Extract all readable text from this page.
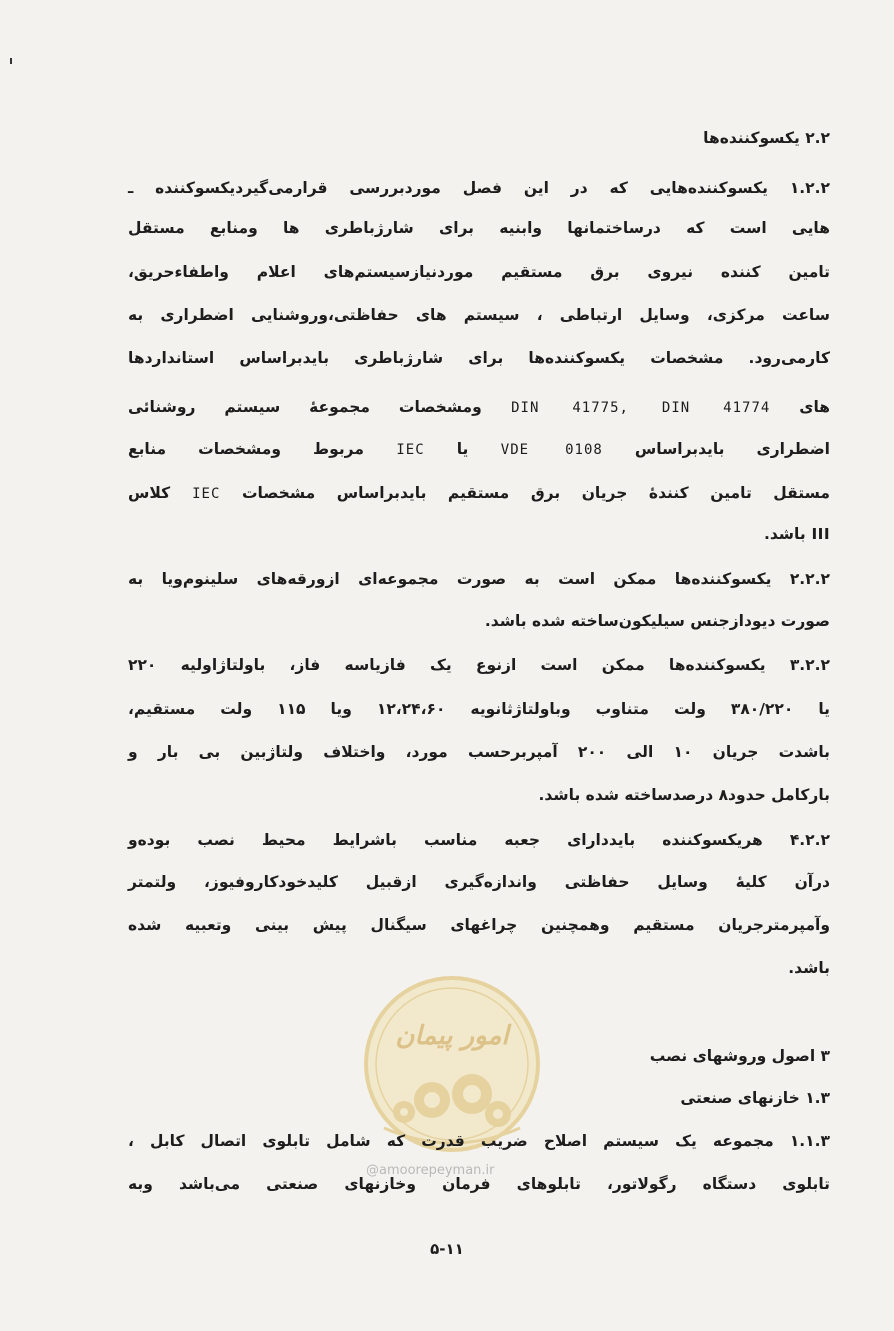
۲.۲ یکسوکننده‌ها
۱.۲.۲ یکسوکننده‌هایی که در این فصل موردبررسی قرارمی‌گیردیکسوکننده ـ
هایی است که درساختمانها وابنیه برای شارژباطری ها ومنابع مستقل
تامین کننده نیروی برق مستقیم موردنیازسیستم‌های اعلام واطفاءحریق،
ساعت مرکزی، وسایل ارتباطی ، سیستم های حفاظتی،وروشنایی اضطراری به
کارمی‌رود. مشخصات یکسوکننده‌ها برای شارژباطری بایدبراساس استانداردها
های DIN 41775, DIN 41774 ومشخصات مجموعهٔ سیستم روشنائی
اضطراری بایدبراساس VDE 0108 یا IEC مربوط ومشخصات منابع
مستقل تامین کنندهٔ جریان برق مستقیم بایدبراساس مشخصات IEC کلاس
III باشد.
۲.۲.۲ یکسوکننده‌ها ممکن است به صورت مجموعه‌ای ازورقه‌های سلینوم‌ویا به
صورت دیودازجنس سیلیکون‌ساخته شده باشد.
۳.۲.۲ یکسوکننده‌ها ممکن است ازنوع یک فازیاسه فاز، باولتاژاولیه ۲۲۰
یا ۳۸۰/۲۲۰ ولت متناوب وباولتاژثانویه ۱۲،۲۴،۶۰ ویا ۱۱۵ ولت مستقیم،
باشدت جریان ۱۰ الی ۲۰۰ آمپربرحسب مورد، واختلاف ولتاژبین بی بار و
بارکامل حدود۸ درصدساخته شده باشد.
۴.۲.۲ هریکسوکننده بایددارای جعبه مناسب باشرایط محیط نصب بوده‌و
درآن کلیهٔ وسایل حفاظتی واندازه‌گیری ازقبیل کلیدخودکاروفیوز، ولتمتر
وآمپرمترجریان مستقیم وهمچنین چراغهای سیگنال پیش بینی وتعبیه شده
باشد.
امور پیمان
@amoorepeyman.ir
۳ اصول وروشهای نصب
۱.۳ خازنهای صنعتی
۱.۱.۳ مجموعه یک سیستم اصلاح ضریب قدرت که شامل تابلوی اتصال کابل ،
تابلوی دستگاه رگولاتور، تابلوهای فرمان وخازنهای صنعتی می‌باشد وبه
۵-۱۱
